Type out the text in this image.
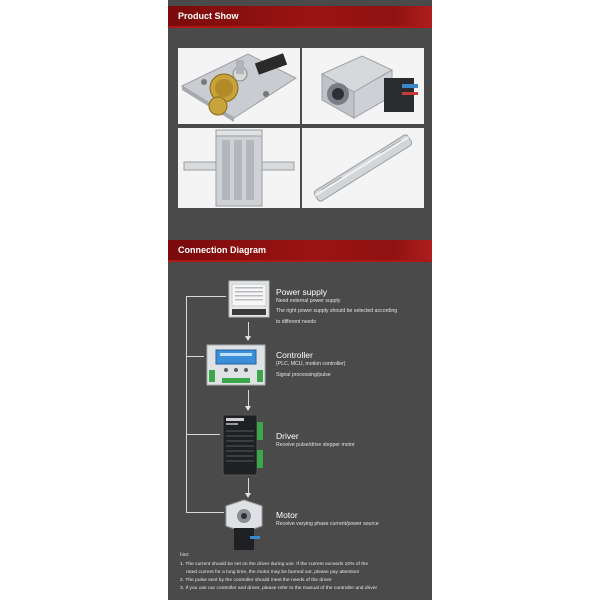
Product Show
Connection Diagram
Power supply
Need external power supply
The right power supply should be selected according
to different needs
Controller
(PLC, MCU, motion controller)
Signal processing/pulse
Driver
Receive pulse/drive stepper motor
Motor
Receive varying phase current/power source
hint:
1. The current should be set on the driver during use. If the current exceeds 10% of the
rated current for a long time, the motor may be burned out, please pay attention!
2. The pulse sent by the controller should meet the needs of the driver
3. If you use our controller and driver, please refer to the manual of the controller and driver
